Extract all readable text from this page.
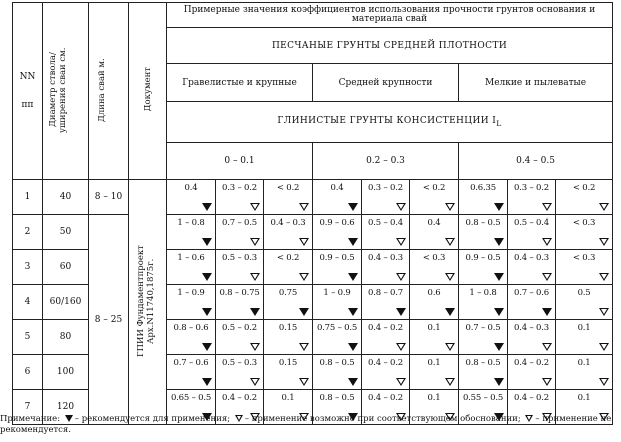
NN

пп	Диаметр ствола/уширения сваи см.	Длина свай м.	Документ	Примерные значения коэффициентов использования прочности грунтов основания и материала свай								
				ПЕСЧАНЫЕ ГРУНТЫ СРЕДНЕЙ ПЛОТНОСТИ								
				Гравелистые и крупные			Средней крупности			Мелкие и пылеватые		
				ГЛИНИСТЫЕ ГРУНТЫ КОНСИСТЕНЦИИ $I_L$
				0 – 0.1			0.2 – 0.3			0.4 – 0.5		
1	40	8 – 10	ГПИИ Фундаментпроект Арх.N11740,1875г.	0.4	0.3 – 0.2	< 0.2	0.4	0.3 – 0.2	< 0.2	0.6.35	0.3 – 0.2	< 0.2

2	50	8 – 25		1 – 0.8	0.7 – 0.5	0.4 – 0.3	0.9 – 0.6	0.5 – 0.4	0.4	0.8 – 0.5	0.5 – 0.4	< 0.3

3	60			1 – 0.6	0.5 – 0.3	< 0.2	0.9 – 0.5	0.4 – 0.3	< 0.3	0.9 – 0.5	0.4 – 0.3	< 0.3

4	60/160			1 – 0.9	0.8 – 0.75	0.75	1 – 0.9	0.8 – 0.7	0.6	1 – 0.8	0.7 – 0.6	0.5

5	80			0.8 – 0.6	0.5 – 0.2	0.15	0.75 – 0.5	0.4 – 0.2	0.1	0.7 – 0.5	0.4 – 0.3	0.1

6	100			0.7 – 0.6	0.5 – 0.3	0.15	0.8 – 0.5	0.4 – 0.2	0.1	0.8 – 0.5	0.4 – 0.2	0.1

7	120			0.65 – 0.5	0.4 – 0.2	0.1	0.8 – 0.5	0.4 – 0.2	0.1	0.55 – 0.5	0.4 – 0.2	0.1
Примечание: – рекомендуется для применения; – применение возможно при соответствующем обосновании; – применение не рекомендуется.
